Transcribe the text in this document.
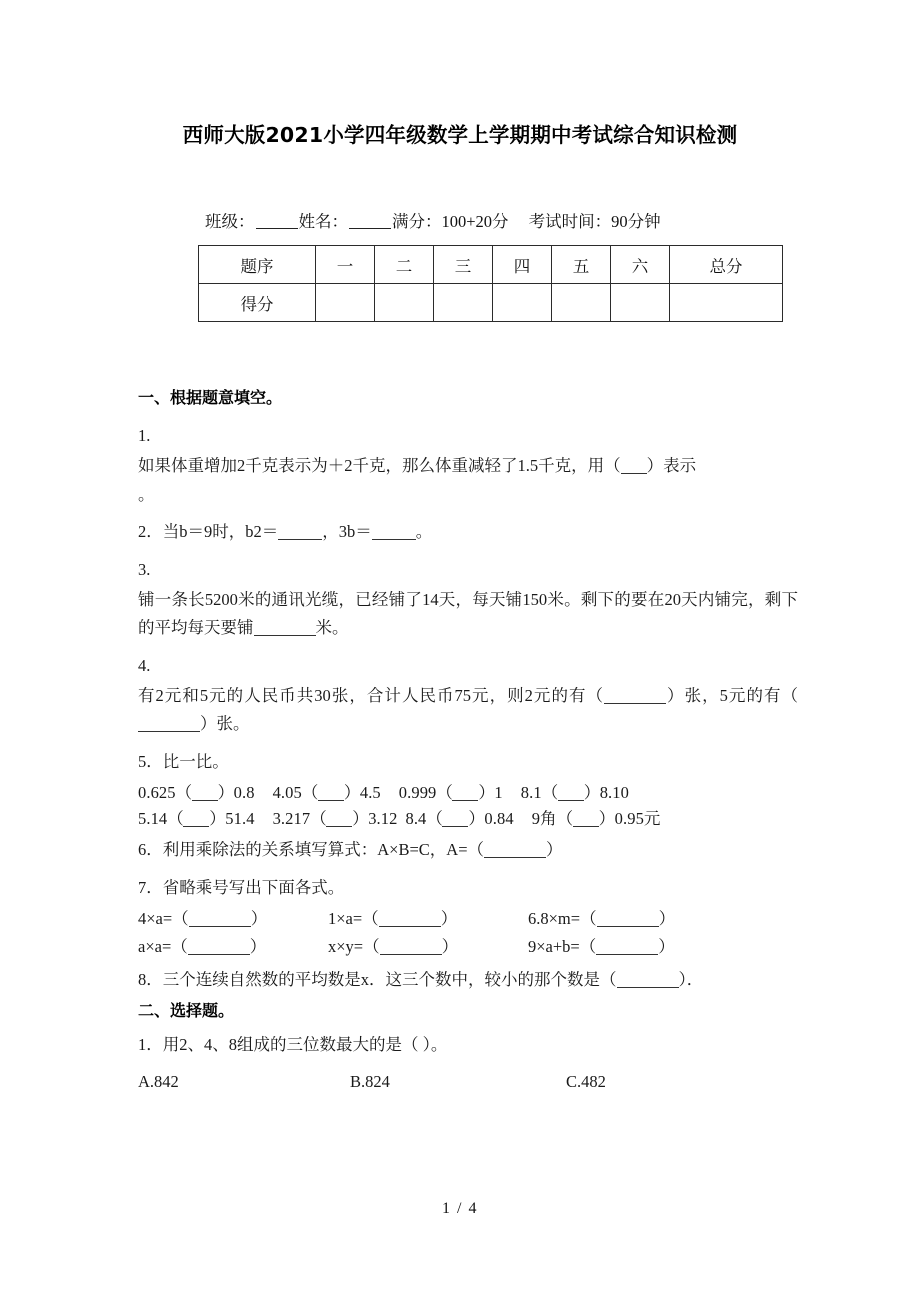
西师大版2021小学四年级数学上学期期中考试综合知识检测
班级：	姓名：	满分：100+20分 考试时间：90分钟
题序	一	二	三	四	五	六	总分
得分							
一、根据题意填空。
1.
如果体重增加2千克表示为＋2千克，那么体重减轻了1.5千克，用（ ）表示
。
2．当b＝9时，b2＝	，3b＝	。
3.
铺一条长5200米的通讯光缆，已经铺了14天，每天铺150米。剩下的要在20天内铺完，剩下的平均每天要铺	米。
4.
有2元和5元的人民币共30张，合计人民币75元，则2元的有（	）张，5元的有（）张。
5．比一比。
0.625（ ）0.8 4.05（ ）4.5 0.999（ ）1 8.1（ ）8.10
5.14（ ）51.4 3.217（ ）3.12 8.4（ ）0.84 9角（ ）0.95元
6．利用乘除法的关系填写算式：A×B=C，A=（	）
7．省略乘号写出下面各式。
4×a=（	）	1×a=（	）	6.8×m=（	）
a×a=（	）	x×y=（	）	9×a+b=（	）
8．三个连续自然数的平均数是x．这三个数中，较小的那个数是（	）．
二、选择题。
1．用2、4、8组成的三位数最大的是（ ）。
A.842	B.824	C.482
1 / 4
